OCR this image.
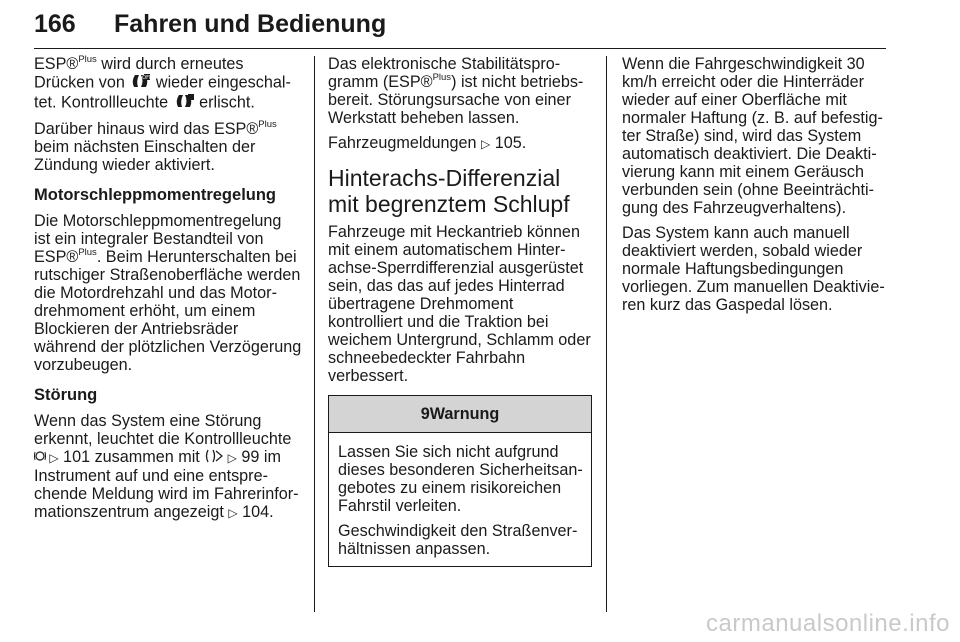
166 Fahren und Bedienung

ESP®$^{Plus}$ wird durch erneutes Drücken von	OFF wieder eingeschaltet. Kontrollleuchte  erlischt.

Darüber hinaus wird das ESP®$^{Plus}$ beim nächsten Einschalten der Zündung wieder aktiviert.

Motorschleppmomentregelung

Die Motorschleppmomentregelung ist ein integraler Bestandteil von ESP®$^{Plus}$. Beim Herunterschalten bei rutschiger Straßenoberfläche werden die Motordrehzahl und das Motordrehmoment erhöht, um einem Blockieren der Antriebsräder während der plötzlichen Verzögerung vorzubeugen.

Störung

Wenn das System eine Störung erkennt, leuchtet die Kontrollleuchte  ▷ 101 zusammen mit  ▷ 99 im Instrument auf und eine entsprechende Meldung wird im Fahrerinformationszentrum angezeigt ▷ 104.

Das elektronische Stabilitätsprogramm (ESP®$^{Plus}$) ist nicht betriebsbereit. Störungsursache von einer Werkstatt beheben lassen.

Fahrzeugmeldungen ▷ 105.

Hinterachs-Differenzial mit begrenztem Schlupf

Fahrzeuge mit Heckantrieb können mit einem automatischem Hinterachse-Sperrdifferenzial ausgerüstet sein, das das auf jedes Hinterrad übertragene Drehmoment kontrolliert und die Traktion bei weichem Untergrund, Schlamm oder schneebedeckter Fahrbahn verbessert.

9Warnung

Lassen Sie sich nicht aufgrund dieses besonderen Sicherheitsangebotes zu einem risikoreichen Fahrstil verleiten.

Geschwindigkeit den Straßenverhältnissen anpassen.

Wenn die Fahrgeschwindigkeit 30 km/h erreicht oder die Hinterräder wieder auf einer Oberfläche mit normaler Haftung (z. B. auf befestigter Straße) sind, wird das System automatisch deaktiviert. Die Deaktivierung kann mit einem Geräusch verbunden sein (ohne Beeinträchtigung des Fahrzeugverhaltens).

Das System kann auch manuell deaktiviert werden, sobald wieder normale Haftungsbedingungen vorliegen. Zum manuellen Deaktivieren kurz das Gaspedal lösen.

carmanualsonline.info
